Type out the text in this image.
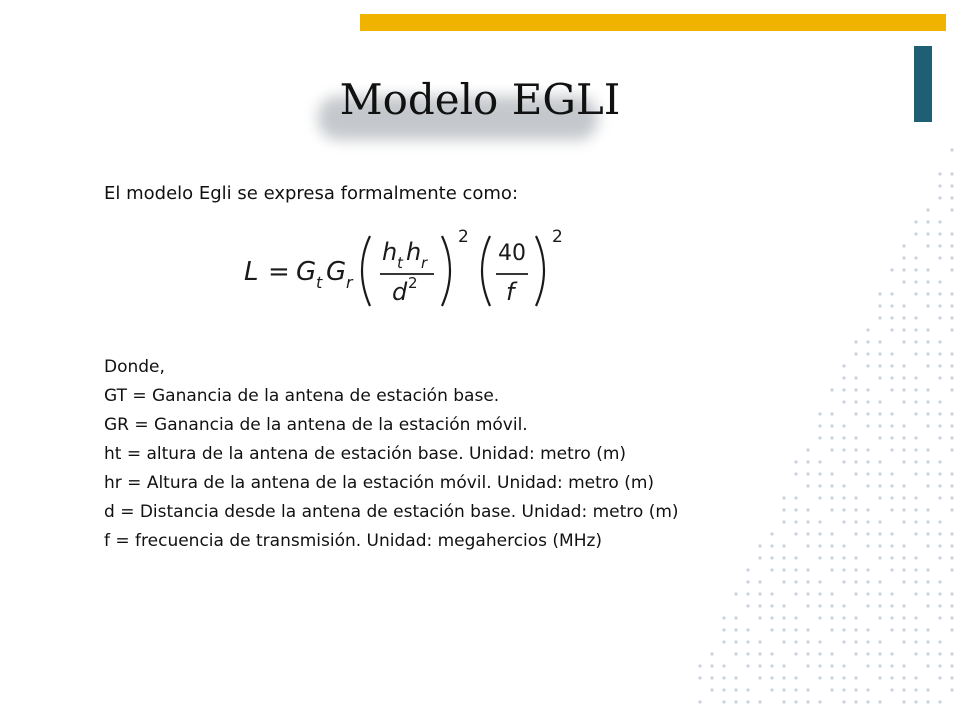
Modelo EGLI

El modelo Egli se expresa formalmente como:

L = G t G r
h t h r
d 2
2
40
f
2
Donde,
GT = Ganancia de la antena de estación base.
GR = Ganancia de la antena de la estación móvil.
ht = altura de la antena de estación base. Unidad: metro (m)
hr = Altura de la antena de la estación móvil. Unidad: metro (m)
d = Distancia desde la antena de estación base. Unidad: metro (m)
f = frecuencia de transmisión. Unidad: megahercios (MHz)
